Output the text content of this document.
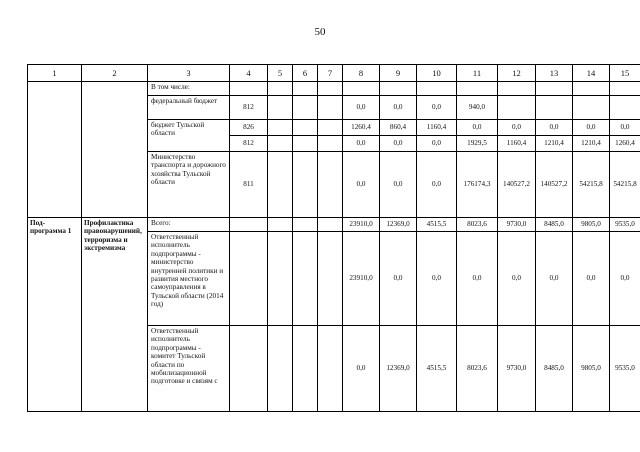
50
1	2	3	4	5	6	7	8	9	10	11	12	13	14	15
		В том числе:												
		федеральный бюджет	812				0,0	0,0	0,0	940,0				
		бюджет Тульской области	826				1260,4	860,4	1160,4	0,0	0,0	0,0	0,0	0,0
			812				0,0	0,0	0,0	1929,5	1160,4	1210,4	1210,4	1260,4
		Министерство транспорта и дорожного хозяйства Тульской области	811				0,0	0,0	0,0	176174,3	140527,2	140527,2	54215,8	54215,8
Под-программа 1	Профилактика правонарушений, терроризма и экстремизма	Всего:					23910,0	12369,0	4515,5	8023,6	9730,0	8485,0	9805,0	9535,0
		Ответственный исполнитель подпрограммы - министерство внутренней политики и развития местного самоуправления в Тульской области (2014 год)					23910,0	0,0	0,0	0,0	0,0	0,0	0,0	0,0
		Ответственный исполнитель подпрограммы - комитет Тульской области по мобилизационной подготовке и связям с					0,0	12369,0	4515,5	8023,6	9730,0	8485,0	9805,0	9535,0
